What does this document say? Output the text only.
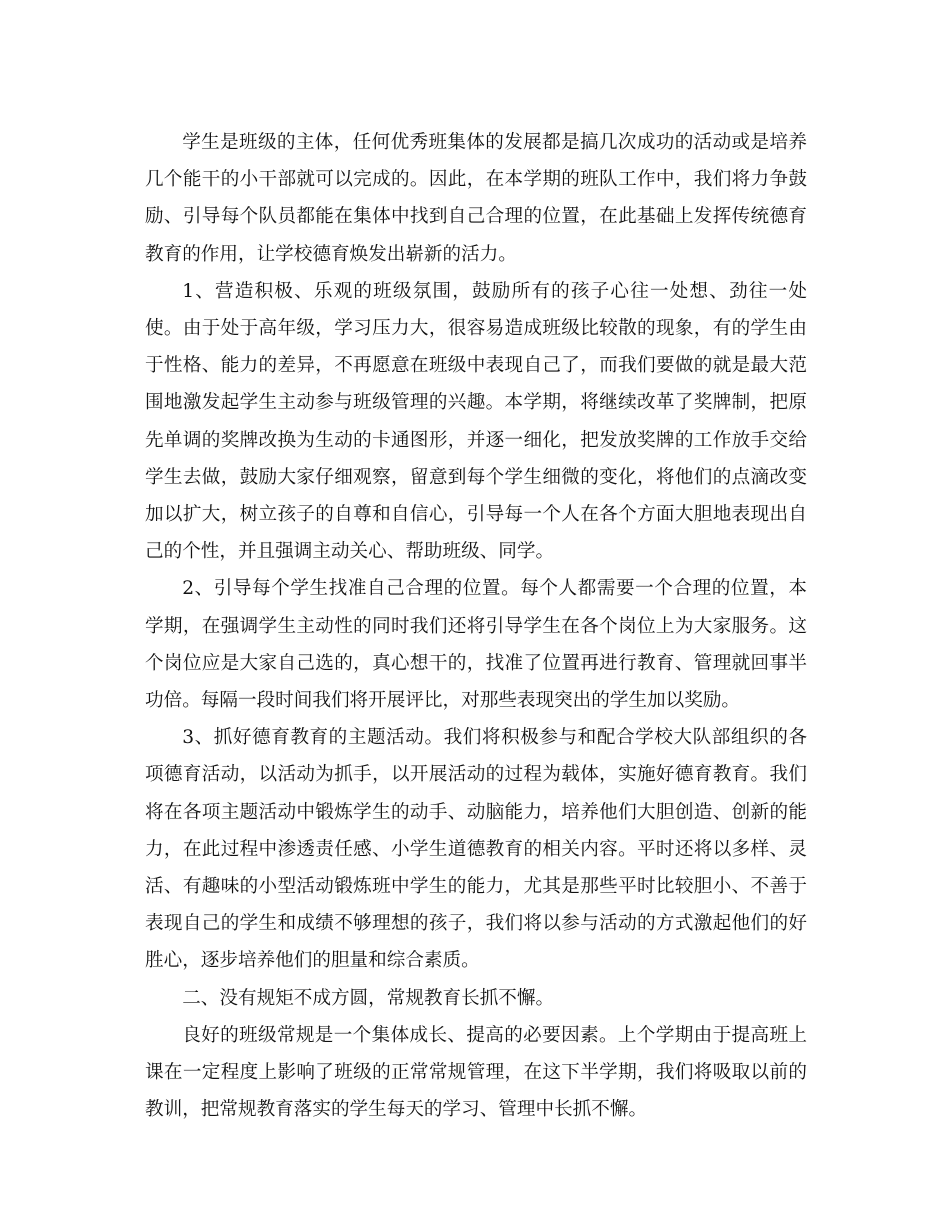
学生是班级的主体，任何优秀班集体的发展都是搞几次成功的活动或是培养几个能干的小干部就可以完成的。因此，在本学期的班队工作中，我们将力争鼓励、引导每个队员都能在集体中找到自己合理的位置，在此基础上发挥传统德育教育的作用，让学校德育焕发出崭新的活力。

1、营造积极、乐观的班级氛围，鼓励所有的孩子心往一处想、劲往一处使。由于处于高年级，学习压力大，很容易造成班级比较散的现象，有的学生由于性格、能力的差异，不再愿意在班级中表现自己了，而我们要做的就是最大范围地激发起学生主动参与班级管理的兴趣。本学期，将继续改革了奖牌制，把原先单调的奖牌改换为生动的卡通图形，并逐一细化，把发放奖牌的工作放手交给学生去做，鼓励大家仔细观察，留意到每个学生细微的变化，将他们的点滴改变加以扩大，树立孩子的自尊和自信心，引导每一个人在各个方面大胆地表现出自己的个性，并且强调主动关心、帮助班级、同学。

2、引导每个学生找准自己合理的位置。每个人都需要一个合理的位置，本学期，在强调学生主动性的同时我们还将引导学生在各个岗位上为大家服务。这个岗位应是大家自己选的，真心想干的，找准了位置再进行教育、管理就回事半功倍。每隔一段时间我们将开展评比，对那些表现突出的学生加以奖励。

3、抓好德育教育的主题活动。我们将积极参与和配合学校大队部组织的各项德育活动，以活动为抓手，以开展活动的过程为载体，实施好德育教育。我们将在各项主题活动中锻炼学生的动手、动脑能力，培养他们大胆创造、创新的能力，在此过程中渗透责任感、小学生道德教育的相关内容。平时还将以多样、灵活、有趣味的小型活动锻炼班中学生的能力，尤其是那些平时比较胆小、不善于表现自己的学生和成绩不够理想的孩子，我们将以参与活动的方式激起他们的好胜心，逐步培养他们的胆量和综合素质。

二、没有规矩不成方圆，常规教育长抓不懈。

良好的班级常规是一个集体成长、提高的必要因素。上个学期由于提高班上课在一定程度上影响了班级的正常常规管理，在这下半学期，我们将吸取以前的教训，把常规教育落实的学生每天的学习、管理中长抓不懈。
